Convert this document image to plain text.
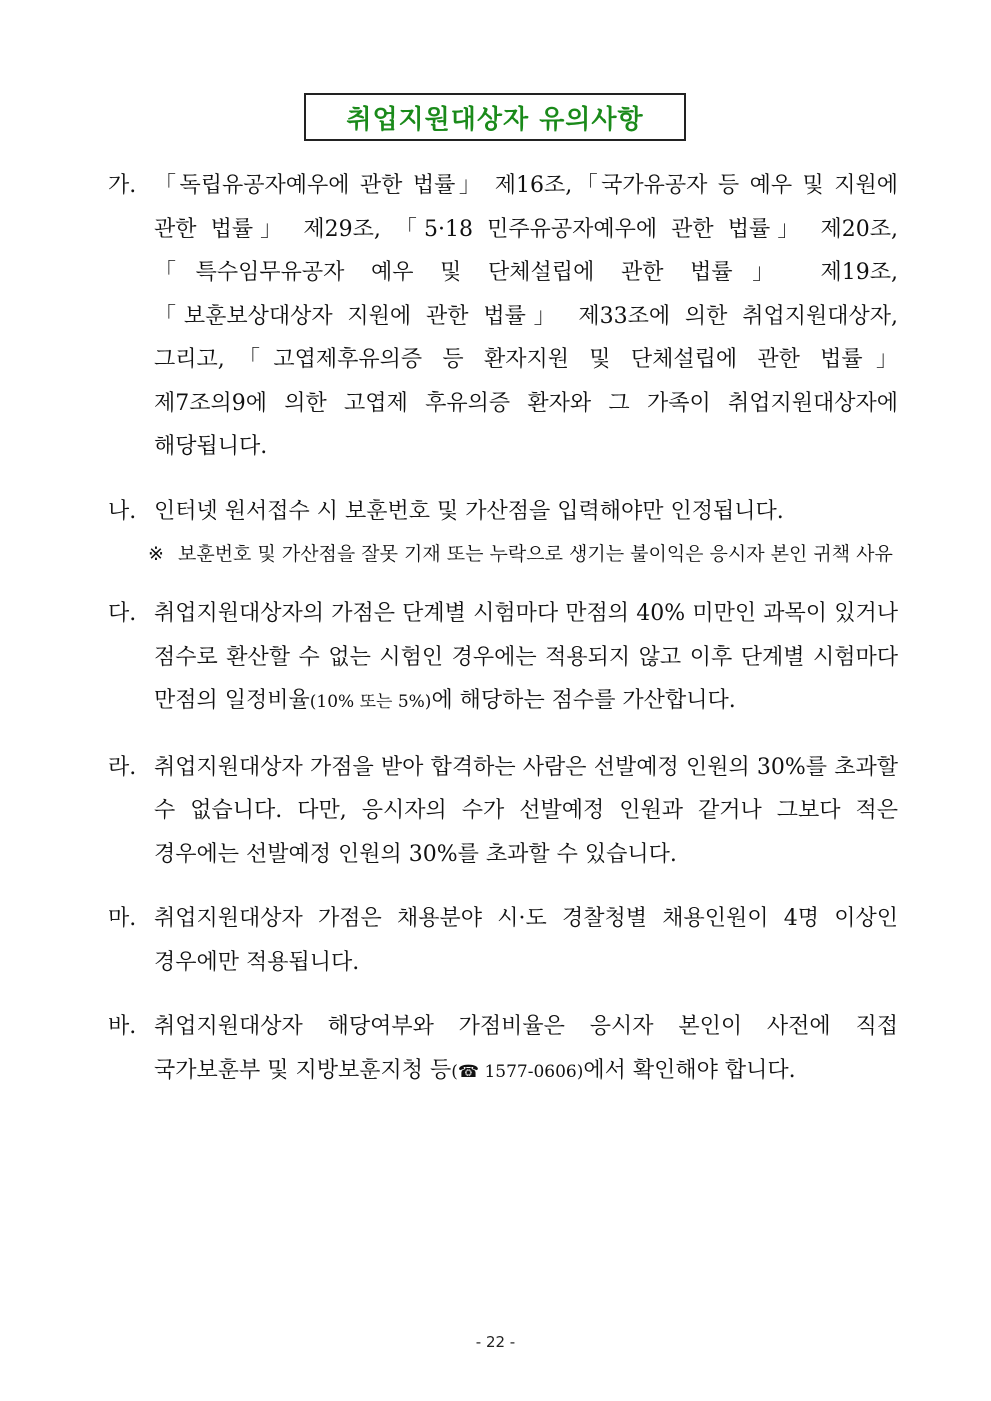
취업지원대상자 유의사항
가. 「독립유공자예우에 관한 법률」 제16조,「국가유공자 등 예우 및 지원에 관한 법률」 제29조, 「5·18 민주유공자예우에 관한 법률」 제20조,「특수임무유공자 예우 및 단체설립에 관한 법률」 제19조, 「보훈보상대상자 지원에 관한 법률」 제33조에 의한 취업지원대상자, 그리고,「고엽제후유의증 등 환자지원 및 단체설립에 관한 법률」 제7조의9에 의한 고엽제 후유의증 환자와 그 가족이 취업지원대상자에 해당됩니다.
나. 인터넷 원서접수 시 보훈번호 및 가산점을 입력해야만 인정됩니다.
※ 보훈번호 및 가산점을 잘못 기재 또는 누락으로 생기는 불이익은 응시자 본인 귀책 사유
다. 취업지원대상자의 가점은 단계별 시험마다 만점의 40% 미만인 과목이 있거나 점수로 환산할 수 없는 시험인 경우에는 적용되지 않고 이후 단계별 시험마다 만점의 일정비율(10% 또는 5%)에 해당하는 점수를 가산합니다.
라. 취업지원대상자 가점을 받아 합격하는 사람은 선발예정 인원의 30%를 초과할 수 없습니다. 다만, 응시자의 수가 선발예정 인원과 같거나 그보다 적은 경우에는 선발예정 인원의 30%를 초과할 수 있습니다.
마. 취업지원대상자 가점은 채용분야 시·도 경찰청별 채용인원이 4명 이상인 경우에만 적용됩니다.
바. 취업지원대상자 해당여부와 가점비율은 응시자 본인이 사전에 직접 국가보훈부 및 지방보훈지청 등(☎ 1577-0606)에서 확인해야 합니다.
- 22 -
